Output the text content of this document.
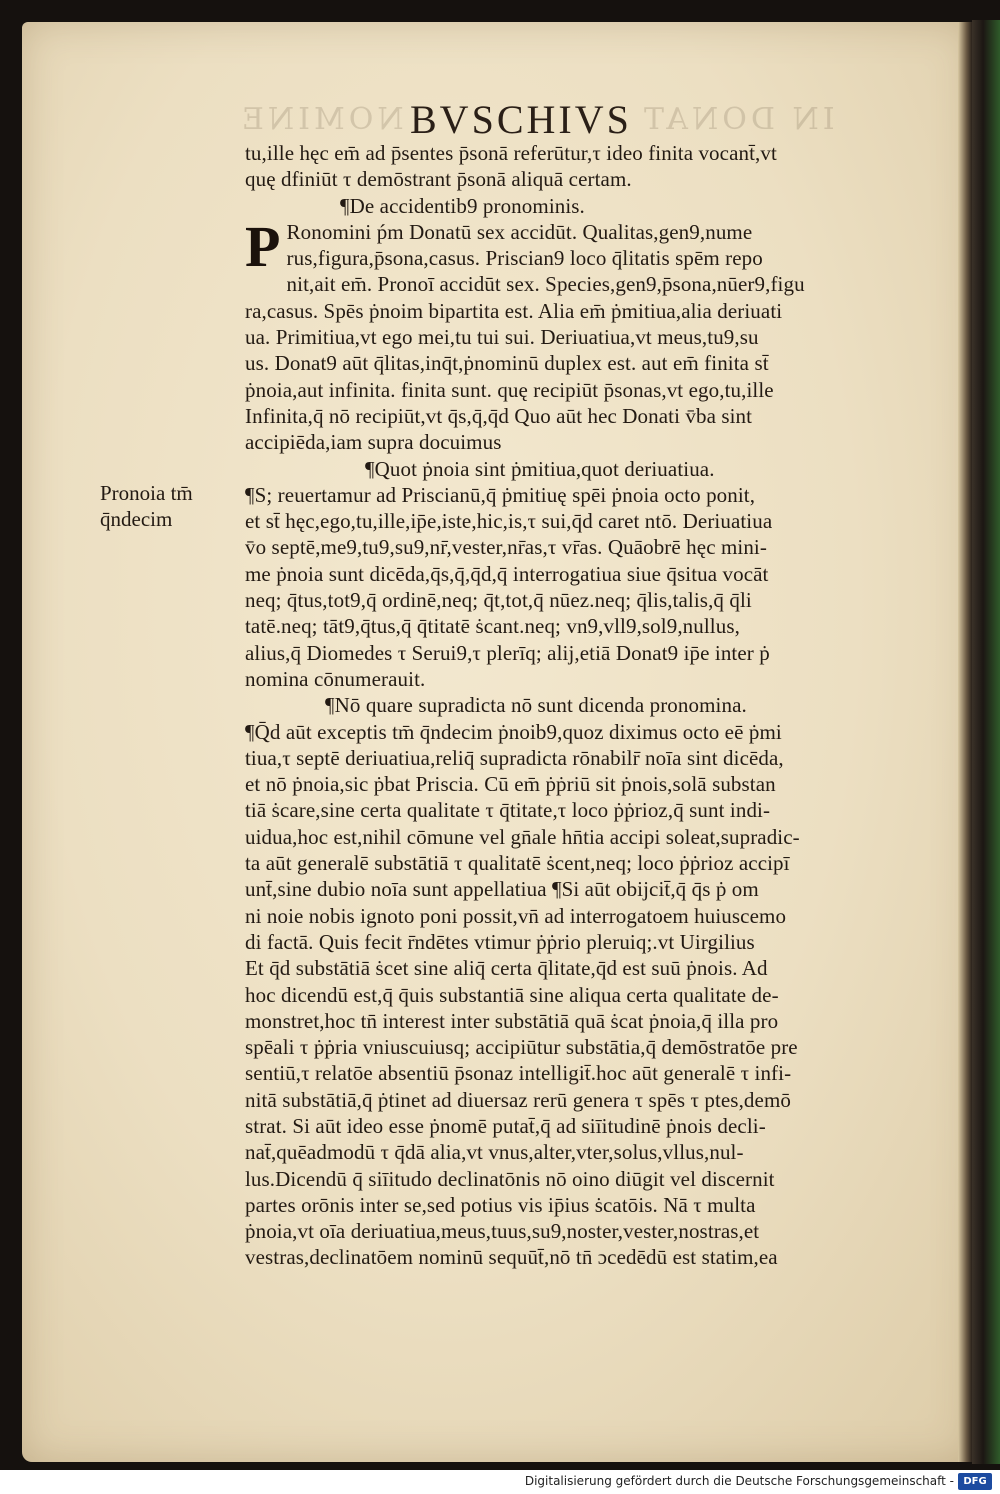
NOMINE	IN DONAT
BVSCHIVS
Pronoia tm̄
q̄ndecim
tu,ille hęc em̄ ad p̄sentes p̄sonā referūtur,τ ideo finita vocant̄,vt
quę dfiniūt τ demōstrant p̄sonā aliquā certam.
¶De accidentib9 pronominis.
P Ronomini ṕm Donatū sex accidūt. Qualitas,gen9,nume
rus,figura,p̄sona,casus. Priscian9 loco q̄litatis spēm repo
nit,ait em̄. Pronoī accidūt sex. Species,gen9,p̄sona,nūer9,figu
ra,casus. Spēs ṗnoim bipartita est. Alia em̄ ṗmitiua,alia deriuati
ua. Primitiua,vt ego mei,tu tui sui. Deriuatiua,vt meus,tu9,su
us. Donat9 aūt q̄litas,inq̄t,ṗnominū duplex est. aut em̄ finita st̄
ṗnoia,aut infinita. finita sunt. quę recipiūt p̄sonas,vt ego,tu,ille
Infinita,q̄ nō recipiūt,vt q̄s,q̄,q̄d Quo aūt hec Donati v̄ba sint
accipiēda,iam supra docuimus
¶Quot ṗnoia sint ṗmitiua,quot deriuatiua.
¶S; reuertamur ad Priscianū,q̄ ṗmitiuę spēi ṗnoia octo ponit,
et st̄ hęc,ego,tu,ille,ip̄e,iste,hic,is,τ sui,q̄d caret ntō. Deriuatiua
v̄o septē,me9,tu9,su9,nr̄,vester,nr̄as,τ vr̄as. Quāobrē hęc mini-
me ṗnoia sunt dicēda,q̄s,q̄,q̄d,q̄ interrogatiua siue q̄situa vocāt
neq; q̄tus,tot9,q̄ ordinē,neq; q̄t,tot,q̄ nūez.neq; q̄lis,talis,q̄ q̄li
tatē.neq; tāt9,q̄tus,q̄ q̄titatē ṡcant.neq; vn9,vll9,sol9,nullus,
alius,q̄ Diomedes τ Serui9,τ plerīq; alij,etiā Donat9 ip̄e inter ṗ
nomina cōnumerauit.
¶Nō quare supradicta nō sunt dicenda pronomina.
¶Q̄d aūt exceptis tm̄ q̄ndecim ṗnoib9,quoz diximus octo eē ṗmi
tiua,τ septē deriuatiua,reliq̄ supradicta rōnabilr̄ noīa sint dicēda,
et nō ṗnoia,sic ṗbat Priscia. Cū em̄ ṗṗriū sit ṗnois,solā substan
tiā ṡcare,sine certa qualitate τ q̄titate,τ loco ṗṗrioz,q̄ sunt indi-
uidua,hoc est,nihil cōmune vel gn̄ale hn̄tia accipi soleat,supradic-
ta aūt generalē substātiā τ qualitatē ṡcent,neq; loco ṗṗrioz accipī
unt̄,sine dubio noīa sunt appellatiua ¶Si aūt obijcit̄,q̄ q̄s ṗ om
ni noie nobis ignoto poni possit,vn̄ ad interrogatoem huiuscemo
di factā. Quis fecit r̄ndētes vtimur ṗṗrio pleruiq;.vt Uirgilius
Et q̄d substātiā ṡcet sine aliq̄ certa q̄litate,q̄d est suū ṗnois. Ad
hoc dicendū est,q̄ q̄uis substantiā sine aliqua certa qualitate de-
monstret,hoc tn̄ interest inter substātiā quā ṡcat ṗnoia,q̄ illa pro
spēali τ ṗṗria vniuscuiusq; accipiūtur substātia,q̄ demōstratōe pre
sentiū,τ relatōe absentiū p̄sonaz intelligit̄.hoc aūt generalē τ infi-
nitā substātiā,q̄ ṗtinet ad diuersaz rerū genera τ spēs τ ptes,demō
strat. Si aūt ideo esse ṗnomē putat̄,q̄ ad siīitudinē ṗnois decli-
nat̄,quēadmodū τ q̄dā alia,vt vnus,alter,vter,solus,vllus,nul-
lus.Dicendū q̄ siīitudo declinatōnis nō oino diūgit vel discernit
partes orōnis inter se,sed potius vis ip̄ius ṡcatōis. Nā τ multa
ṗnoia,vt oīa deriuatiua,meus,tuus,su9,noster,vester,nostras,et
vestras,declinatōem nominū sequūt̄,nō tn̄ ɔcedēdū est statim,ea
Digitalisierung gefördert durch die Deutsche Forschungsgemeinschaft - DFG
